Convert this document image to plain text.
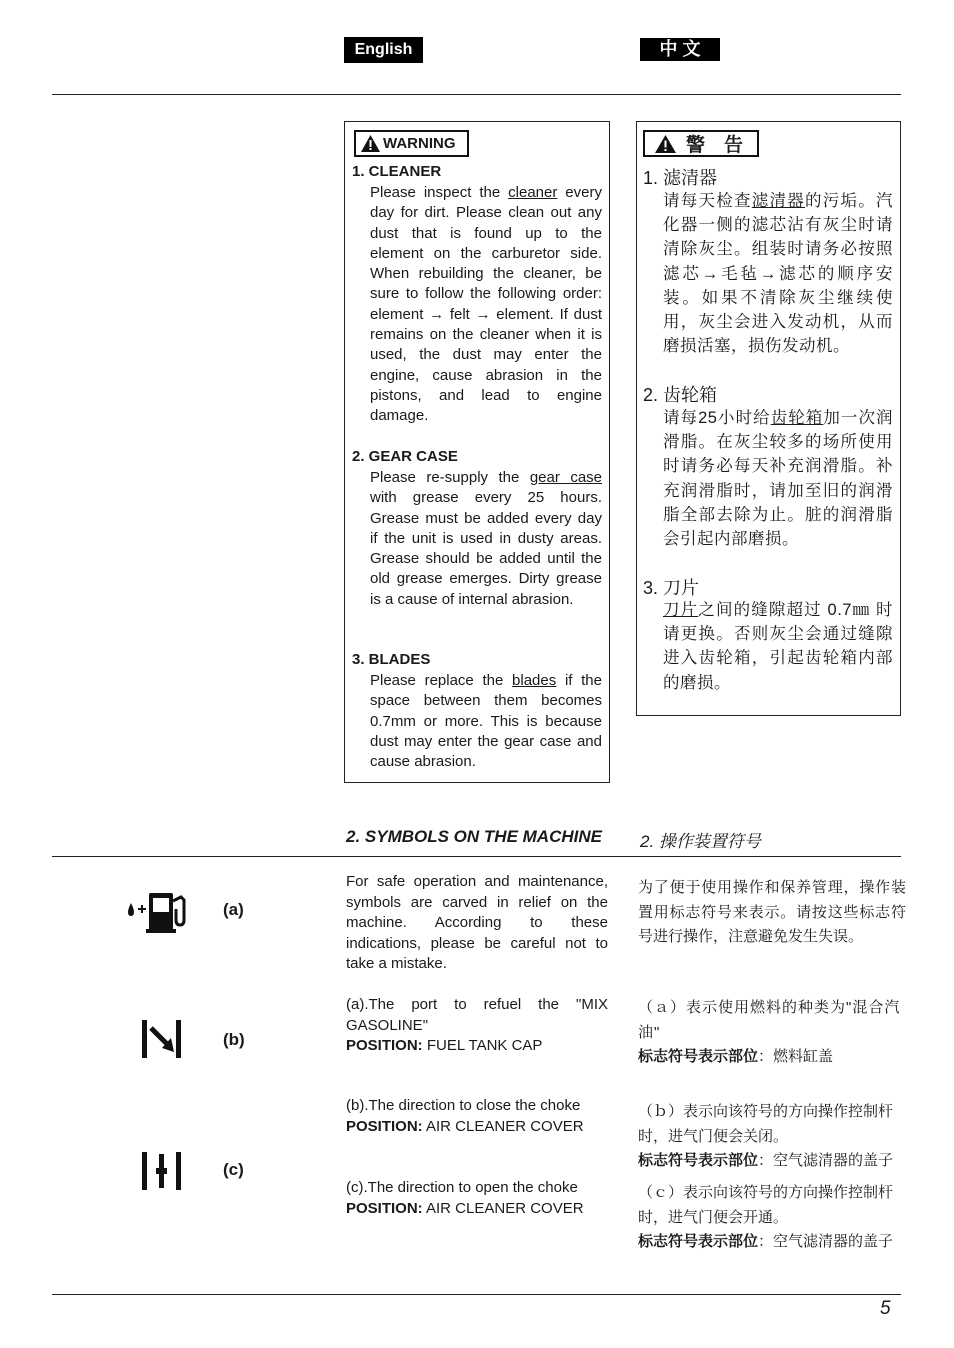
English	中 文
WARNING
1. CLEANER
Please inspect the cleaner every day for dirt. Please clean out any dust that is found up to the element on the carburetor side. When rebuilding the cleaner, be sure to follow the following order: element → felt → element. If dust remains on the cleaner when it is used, the dust may enter the engine, cause abrasion in the pistons, and lead to engine damage.
2. GEAR CASE
Please re-supply the gear case with grease every 25 hours. Grease must be added every day if the unit is used in dusty areas. Grease should be added until the old grease emerges. Dirty grease is a cause of internal abrasion.
3. BLADES
Please replace the blades if the space between them becomes 0.7mm or more. This is because dust may enter the gear case and cause abrasion.
警　告
1. 滤清器
请每天检查滤清器的污垢。汽化器一侧的滤芯沾有灰尘时请清除灰尘。组装时请务必按照滤芯→毛毡→滤芯的顺序安装。如果不清除灰尘继续使用，灰尘会进入发动机，从而磨损活塞，损伤发动机。
2. 齿轮箱
请每25小时给齿轮箱加一次润滑脂。在灰尘较多的场所使用时请务必每天补充润滑脂。补充润滑脂时，请加至旧的润滑脂全部去除为止。脏的润滑脂会引起内部磨损。
3. 刀片
刀片之间的缝隙超过 0.7㎜ 时请更换。否则灰尘会通过缝隙进入齿轮箱，引起齿轮箱内部的磨损。
2. SYMBOLS ON THE MACHINE 2. 操作装置符号
For safe operation and maintenance, symbols are carved in relief on the machine. According to these indications, please be careful not to take a mistake.
为了便于使用操作和保养管理，操作装置用标志符号来表示。请按这些标志符号进行操作，注意避免发生失误。
(a)
(b)
(c)
(a).The port to refuel the "MIX GASOLINE"
POSITION: FUEL TANK CAP
(b).The direction to close the choke
POSITION: AIR CLEANER COVER
(c).The direction to open the choke
POSITION: AIR CLEANER COVER
（ａ）表示使用燃料的种类为"混合汽油"
标志符号表示部位：燃料缸盖
（ｂ）表示向该符号的方向操作控制杆时，进气门便会关闭。
标志符号表示部位：空气滤清器的盖子
（ｃ）表示向该符号的方向操作控制杆时，进气门便会开通。
标志符号表示部位：空气滤清器的盖子
5
